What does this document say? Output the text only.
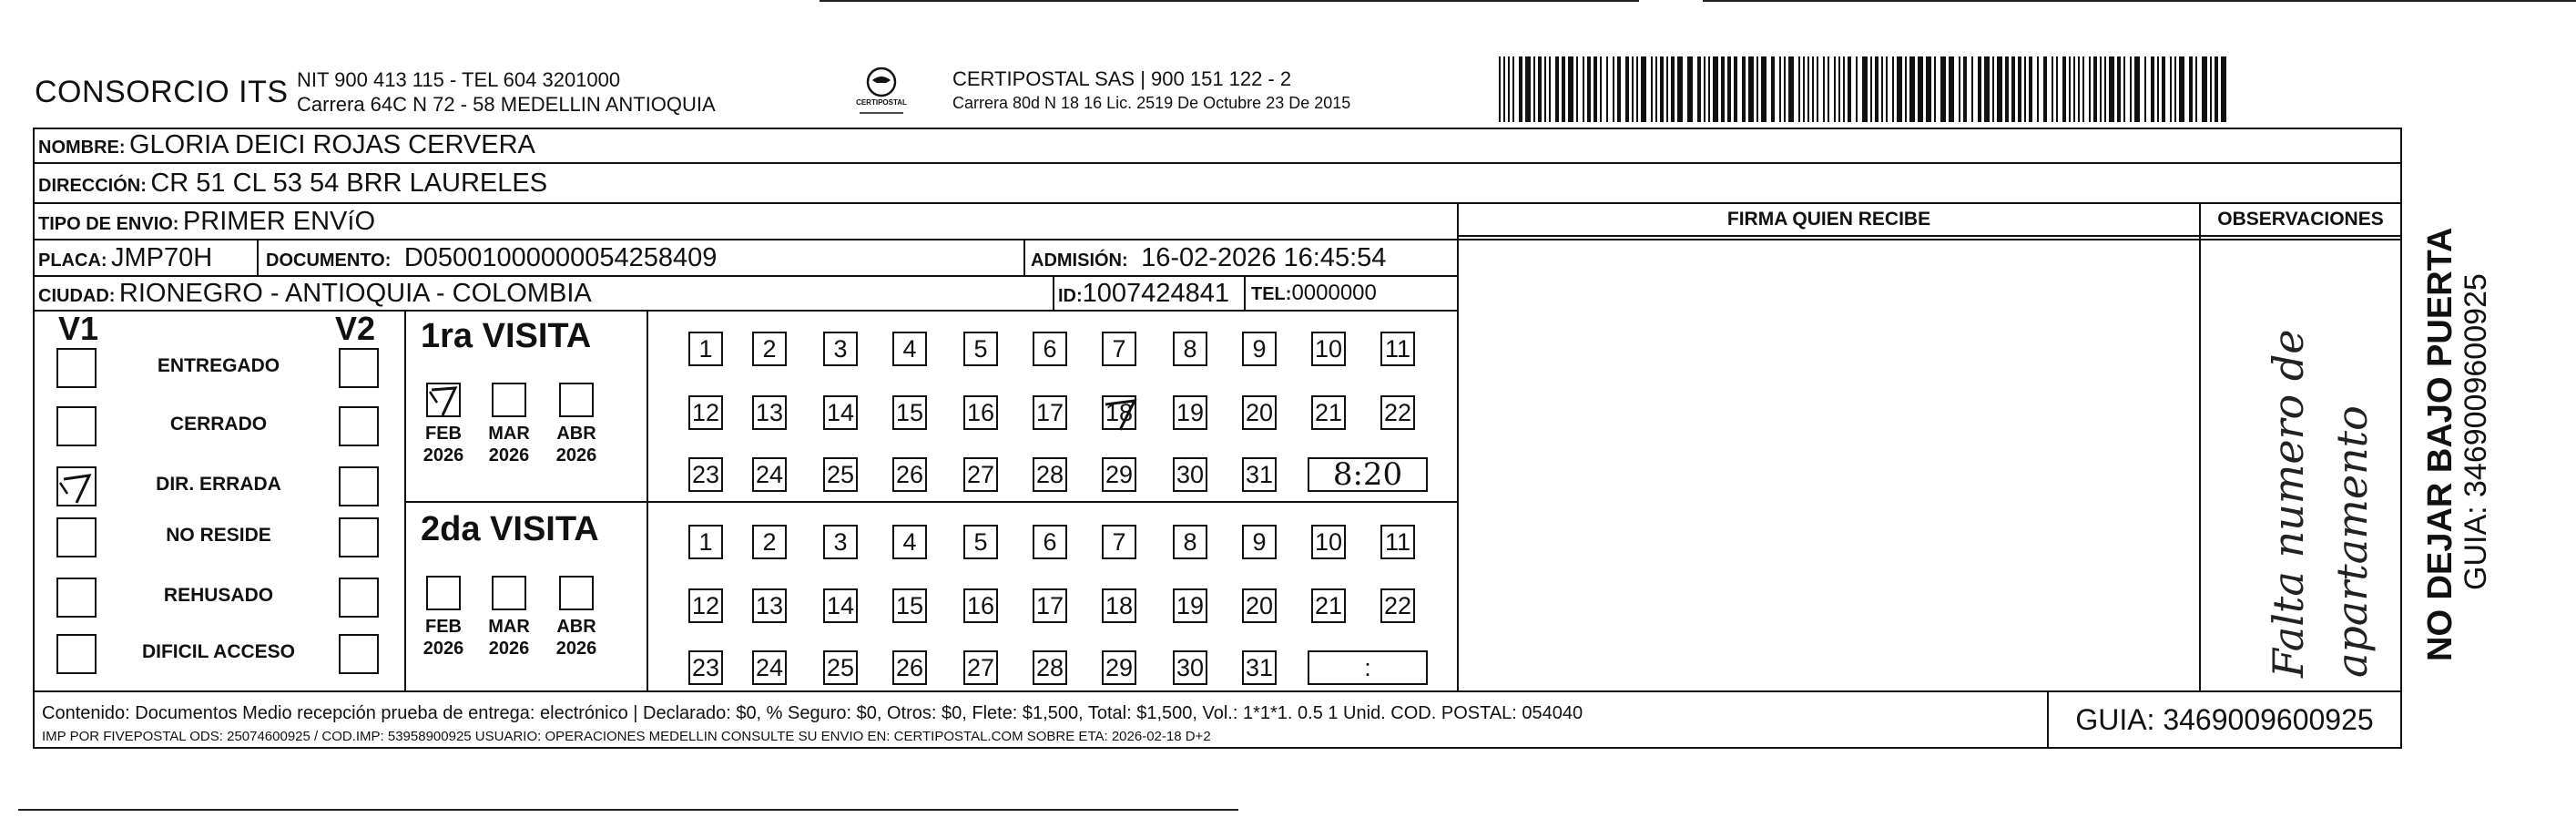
CONSORCIO ITS NIT 900 413 115 - TEL 604 3201000
Carrera 64C N 72 - 58 MEDELLIN ANTIOQUIA	CERTIPOSTAL
CERTIPOSTAL SAS | 900 151 122 - 2
Carrera 80d N 18 16 Lic. 2519 De Octubre 23 De 2015
NOMBRE: GLORIA DEICI ROJAS CERVERA
DIRECCIÓN: CR 51 CL 53 54 BRR LAURELES
TIPO DE ENVIO: PRIMER ENVíO
PLACA: JMP70H	DOCUMENTO: D05001000000054258409	ADMISIÓN: 16-02-2026 16:45:54
CIUDAD: RIONEGRO - ANTIOQUIA - COLOMBIA	ID:1007424841 TEL:0000000
FIRMA QUIEN RECIBE	OBSERVACIONES
V1	V2
ENTREGADO
CERRADO
DIR. ERRADA
NO RESIDE
REHUSADO
DIFICIL ACCESO
1ra VISITA
FEB
2026
MAR
2026
ABR
2026
1	2	3	4	5	6	7	8	9	10 11
12 13 14 15 16 17 18 19 20 21 22
23 24 25 26 27 28 29 30 31	8:20
2da VISITA
FEB
2026
MAR
2026
ABR
2026
1	2	3	4	5	6	7	8	9	10 11
12 13 14 15 16 17 18 19 20 21 22
23 24 25 26 27 28 29 30 31	:	Falta numero de apartamento
Contenido: Documentos Medio recepción prueba de entrega: electrónico | Declarado: $0, % Seguro: $0, Otros: $0, Flete: $1,500, Total: $1,500, Vol.: 1*1*1. 0.5 1 Unid. COD. POSTAL: 054040
IMP POR FIVEPOSTAL ODS: 25074600925 / COD.IMP: 53958900925 USUARIO: OPERACIONES MEDELLIN CONSULTE SU ENVIO EN: CERTIPOSTAL.COM SOBRE ETA: 2026-02-18 D+2
GUIA: 3469009600925
NO DEJAR BAJO PUERTA GUIA: 3469009600925
